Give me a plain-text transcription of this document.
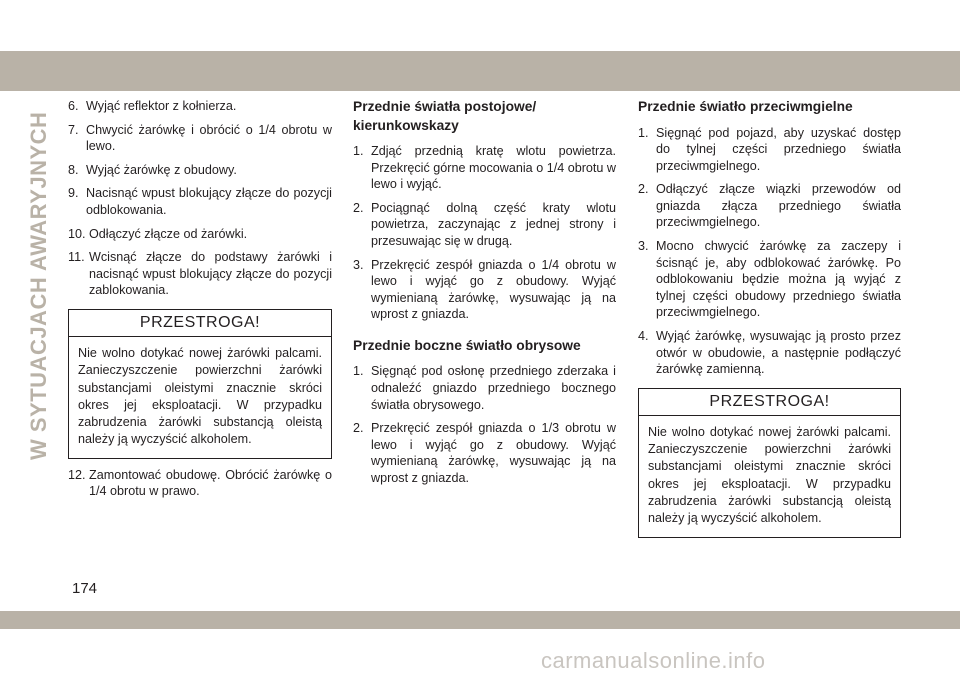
W SYTUACJACH AWARYJNYCH
6. Wyjąć reflektor z kołnierza.
7. Chwycić żarówkę i obrócić o 1/4 obrotu w lewo.
8. Wyjąć żarówkę z obudowy.
9. Nacisnąć wpust blokujący złącze do pozycji odblokowania.
10. Odłączyć złącze od żarówki.
11. Wcisnąć złącze do podstawy żarówki i nacisnąć wpust blokujący złącze do pozycji zablokowania.
PRZESTROGA!
Nie wolno dotykać nowej żarówki palcami. Zanieczyszczenie powierzchni żarówki substancjami oleistymi znacznie skróci okres jej eksploatacji. W przypadku zabrudzenia żarówki substancją oleistą należy ją wyczyścić alkoholem.
12. Zamontować obudowę. Obrócić żarówkę o 1/4 obrotu w prawo.
Przednie światła postojowe/ kierunkowskazy
1. Zdjąć przednią kratę wlotu powietrza. Przekręcić górne mocowania o 1/4 obrotu w lewo i wyjąć.
2. Pociągnąć dolną część kraty wlotu powietrza, zaczynając z jednej strony i przesuwając się w drugą.
3. Przekręcić zespół gniazda o 1/4 obrotu w lewo i wyjąć go z obudowy. Wyjąć wymienianą żarówkę, wysuwając ją na wprost z gniazda.
Przednie boczne światło obrysowe
1. Sięgnąć pod osłonę przedniego zderzaka i odnaleźć gniazdo przedniego bocznego światła obrysowego.
2. Przekręcić zespół gniazda o 1/3 obrotu w lewo i wyjąć go z obudowy. Wyjąć wymienianą żarówkę, wysuwając ją na wprost z gniazda.
Przednie światło przeciwmgielne
1. Sięgnąć pod pojazd, aby uzyskać dostęp do tylnej części przedniego światła przeciwmgielnego.
2. Odłączyć złącze wiązki przewodów od gniazda złącza przedniego światła przeciwmgielnego.
3. Mocno chwycić żarówkę za zaczepy i ścisnąć je, aby odblokować żarówkę. Po odblokowaniu będzie można ją wyjąć z tylnej części obudowy przedniego światła przeciwmgielnego.
4. Wyjąć żarówkę, wysuwając ją prosto przez otwór w obudowie, a następnie podłączyć żarówkę zamienną.
PRZESTROGA!
Nie wolno dotykać nowej żarówki palcami. Zanieczyszczenie powierzchni żarówki substancjami oleistymi znacznie skróci okres jej eksploatacji. W przypadku zabrudzenia żarówki substancją oleistą należy ją wyczyścić alkoholem.
174
carmanualsonline.info
